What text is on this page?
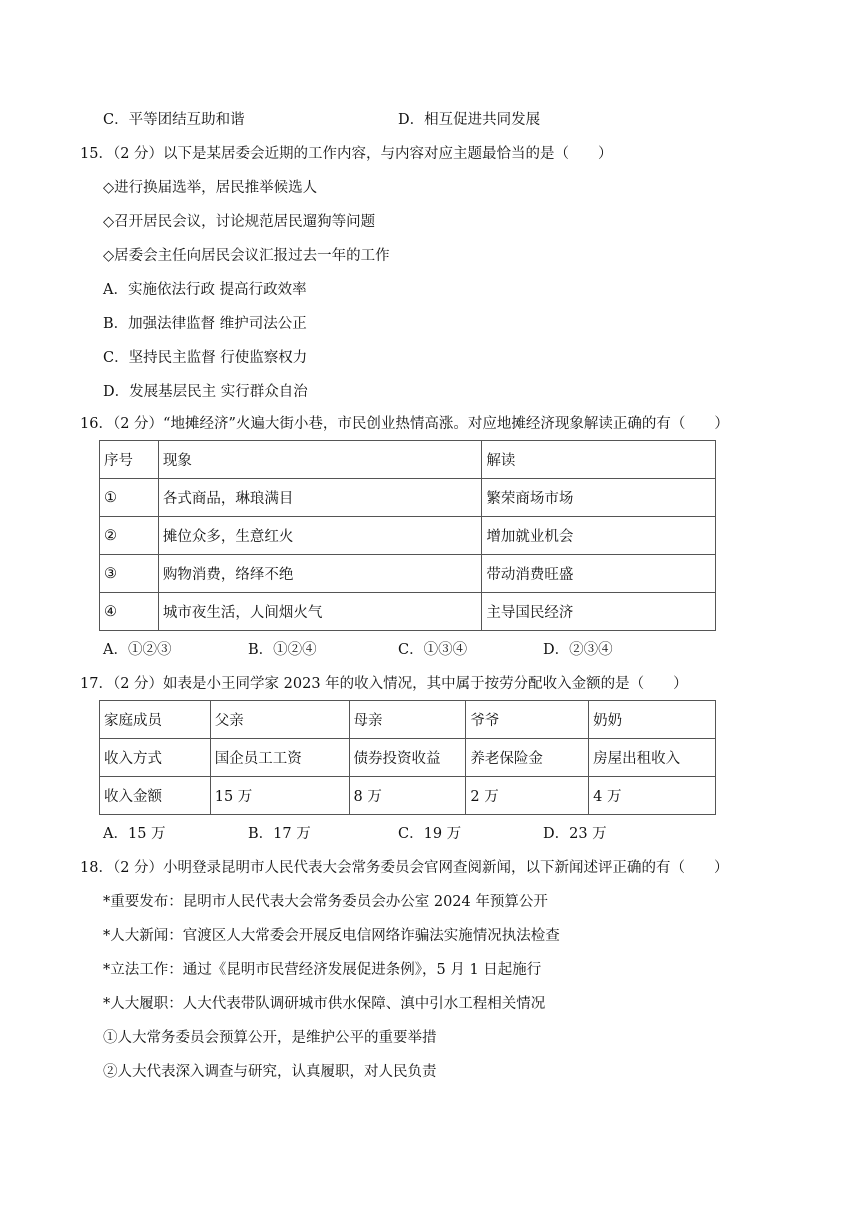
C．平等团结互助和谐	D．相互促进共同发展
15．（2 分）以下是某居委会近期的工作内容，与内容对应主题最恰当的是（　　）
◇进行换届选举，居民推举候选人
◇召开居民会议，讨论规范居民遛狗等问题
◇居委会主任向居民会议汇报过去一年的工作
A．实施依法行政 提高行政效率
B．加强法律监督 维护司法公正
C．坚持民主监督 行使监察权力
D．发展基层民主 实行群众自治
16．（2 分）“地摊经济”火遍大街小巷，市民创业热情高涨。对应地摊经济现象解读正确的有（　　）
序号	现象	解读
①	各式商品，琳琅满目	繁荣商场市场
②	摊位众多，生意红火	增加就业机会
③	购物消费，络绎不绝	带动消费旺盛
④	城市夜生活，人间烟火气	主导国民经济
A．①②③	B．①②④	C．①③④	D．②③④
17．（2 分）如表是小王同学家 2023 年的收入情况，其中属于按劳分配收入金额的是（　　）
家庭成员	父亲	母亲	爷爷	奶奶
收入方式	国企员工工资	债券投资收益	养老保险金	房屋出租收入
收入金额	15 万	8 万	2 万	4 万
A．15 万	B．17 万	C．19 万	D．23 万
18．（2 分）小明登录昆明市人民代表大会常务委员会官网查阅新闻，以下新闻述评正确的有（　　）
*重要发布：昆明市人民代表大会常务委员会办公室 2024 年预算公开
*人大新闻：官渡区人大常委会开展反电信网络诈骗法实施情况执法检查
*立法工作：通过《昆明市民营经济发展促进条例》，5 月 1 日起施行
*人大履职：人大代表带队调研城市供水保障、滇中引水工程相关情况
①人大常务委员会预算公开，是维护公平的重要举措
②人大代表深入调查与研究，认真履职，对人民负责
